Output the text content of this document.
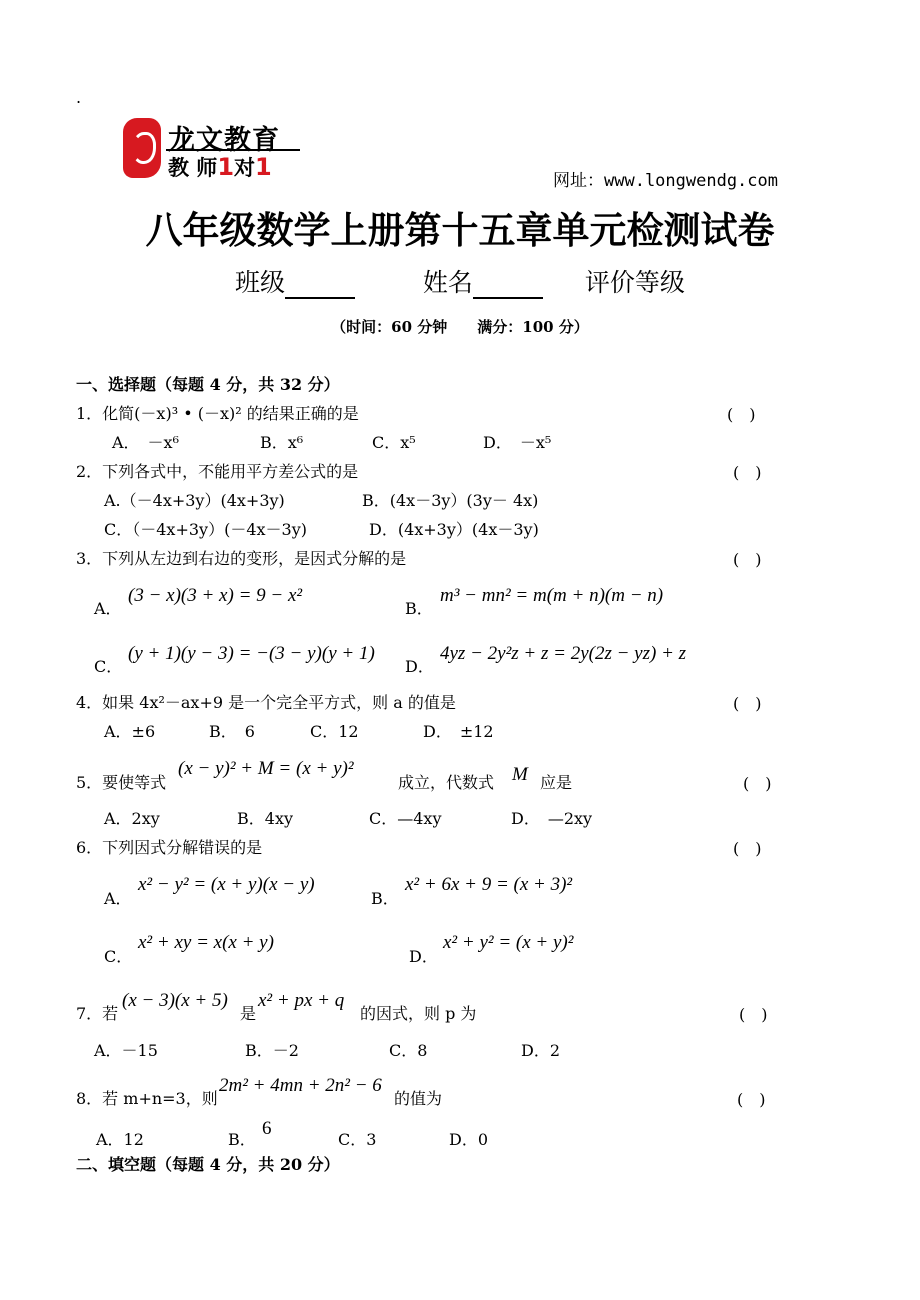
.
龙文教育
教 师1对1	网址：www.longwendg.com
八年级数学上册第十五章单元检测试卷
班级	姓名	评价等级
（时间：60 分钟　　满分：100 分）
一、选择题（每题 4 分，共 32 分）
1．化简(－x)³ • (－x)² 的结果正确的是	(　)
A．　－x⁶	B．x⁶	C．x⁵	D．　－x⁵
2．下列各式中，不能用平方差公式的是	(　)
A.（－4x+3y）(4x+3y)	B．(4x－3y）(3y－ 4x)
C．（－4x+3y）(－4x－3y)	D．(4x+3y）(4x－3y)
3．下列从左边到右边的变形，是因式分解的是	(　)
A．
(3 − x)(3 + x) = 9 − x²
B．
m³ − mn² = m(m + n)(m − n)
C．
(y + 1)(y − 3) = −(3 − y)(y + 1)
D．
4yz − 2y²z + z = 2y(2z − yz) + z
4．如果 4x²－ax+9 是一个完全平方式，则 a 的值是	(　)
A．±6	B．　6	C．12	D．　±12
5．要使等式
(x − y)² + M = (x + y)²
成立，代数式 M 应是	(　)
A．2xy	B．4xy	C．—4xy	D．　—2xy
6．下列因式分解错误的是	(　)
A．
x² − y² = (x + y)(x − y)
B．
x² + 6x + 9 = (x + 3)²
C．
x² + xy = x(x + y)
D．
x² + y² = (x + y)²
7．若
(x − 3)(x + 5)
是
x² + px + q
的因式，则 p 为	(　)
A．－15	B．－2	C．8	D．2
8．若 m+n=3，则
2m² + 4mn + 2n² − 6
的值为	(　)
A．12	B．
6
C．3	D．0
二、填空题（每题 4 分，共 20 分）
